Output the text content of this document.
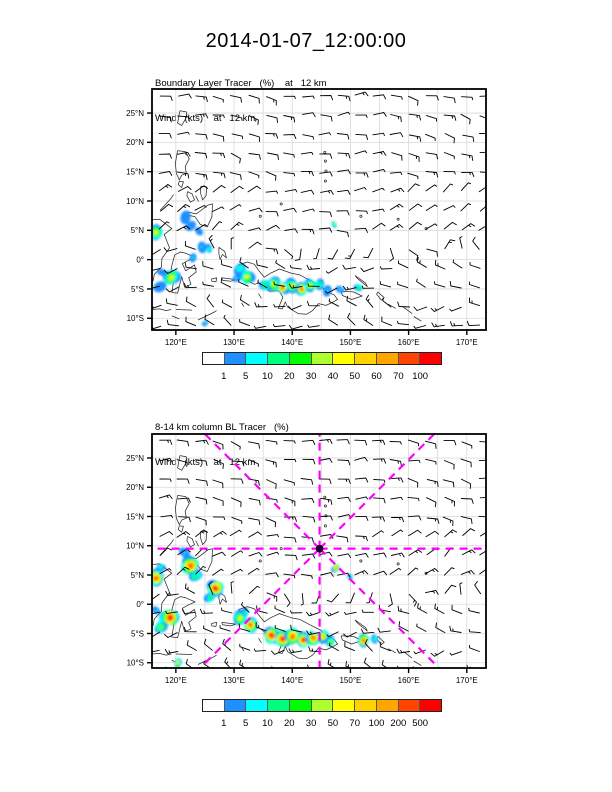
2014-01-07_12:00:00

Boundary Layer Tracer   (%)    at   12 km

Wind   (kts)    at   12 km

25°N
20°N
15°N
10°N
5°N
0°
5°S
10°S
120°E	130°E	140°E	150°E	160°E	170°E
1	5	10	20	30	40	50	60	70 100

8-14 km column BL Tracer   (%)

Wind   (kts)    at   12 km

25°N
20°N
15°N
10°N
5°N
0°
5°S
10°S
120°E	130°E	140°E	150°E	160°E	170°E
1	5	10	20	30	50	70 100 200 500
